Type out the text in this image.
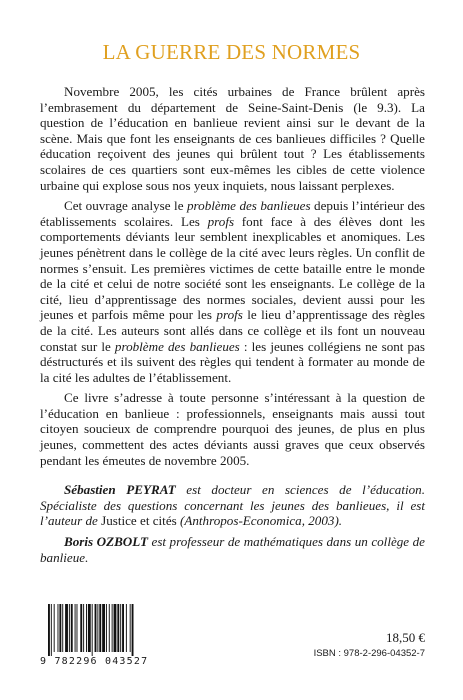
LA GUERRE DES NORMES

Novembre 2005, les cités urbaines de France brûlent après l’embrasement du département de Seine-Saint-Denis (le 9.3). La question de l’éducation en banlieue revient ainsi sur le devant de la scène. Mais que font les enseignants de ces banlieues difficiles ? Quelle éducation reçoivent des jeunes qui brûlent tout ? Les établissements scolaires de ces quartiers sont eux-mêmes les cibles de cette violence urbaine qui explose sous nos yeux inquiets, nous laissant perplexes.

Cet ouvrage analyse le problème des banlieues depuis l’intérieur des établissements scolaires. Les profs font face à des élèves dont les comportements déviants leur semblent inexplicables et anomiques. Les jeunes pénètrent dans le collège de la cité avec leurs règles. Un conflit de normes s’ensuit. Les premières victimes de cette bataille entre le monde de la cité et celui de notre société sont les enseignants. Le collège de la cité, lieu d’apprentissage des normes sociales, devient aussi pour les jeunes et parfois même pour les profs le lieu d’apprentissage des règles de la cité. Les auteurs sont allés dans ce collège et ils font un nouveau constat sur le problème des banlieues : les jeunes collégiens ne sont pas déstructurés et ils suivent des règles qui tendent à formater au monde de la cité les adultes de l’établissement.

Ce livre s’adresse à toute personne s’intéressant à la question de l’éducation en banlieue : professionnels, enseignants mais aussi tout citoyen soucieux de comprendre pourquoi des jeunes, de plus en plus jeunes, commettent des actes déviants aussi graves que ceux observés pendant les émeutes de novembre 2005.

Sébastien PEYRAT est docteur en sciences de l’éducation. Spécialiste des questions concernant les jeunes des banlieues, il est l’auteur de Justice et cités (Anthropos-Economica, 2003).

Boris OZBOLT est professeur de mathématiques dans un collège de banlieue.

9 782296 043527
18,50 €
ISBN : 978-2-296-04352-7
